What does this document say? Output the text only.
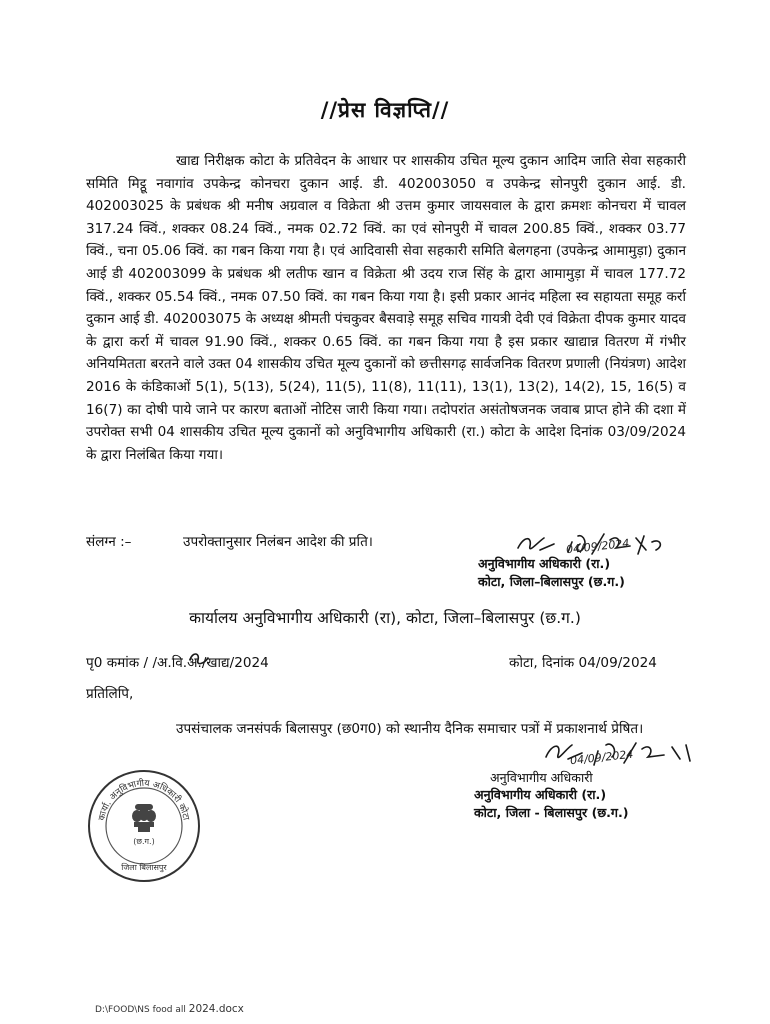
//प्रेस विज्ञप्ति//
खाद्य निरीक्षक कोटा के प्रतिवेदन के आधार पर शासकीय उचित मूल्य दुकान आदिम जाति सेवा सहकारी समिति मिट्ठू नवागांव उपकेन्द्र कोनचरा दुकान आई. डी. 402003050 व उपकेन्द्र सोनपुरी दुकान आई. डी. 402003025 के प्रबंधक श्री मनीष अग्रवाल व विक्रेता श्री उत्तम कुमार जायसवाल के द्वारा क्रमशः कोनचरा में चावल 317.24 क्विं., शक्कर 08.24 क्विं., नमक 02.72 क्विं. का एवं सोनपुरी में चावल 200.85 क्विं., शक्कर 03.77 क्विं., चना 05.06 क्विं. का गबन किया गया है। एवं आदिवासी सेवा सहकारी समिति बेलगहना (उपकेन्द्र आमामुड़ा) दुकान आई डी 402003099 के प्रबंधक श्री लतीफ खान व विक्रेता श्री उदय राज सिंह के द्वारा आमामुड़ा में चावल 177.72 क्विं., शक्कर 05.54 क्विं., नमक 07.50 क्विं. का गबन किया गया है। इसी प्रकार आनंद महिला स्व सहायता समूह कर्रा दुकान आई डी. 402003075 के अध्यक्ष श्रीमती पंचकुवर बैसवाड़े समूह सचिव गायत्री देवी एवं विक्रेता दीपक कुमार यादव के द्वारा कर्रा में चावल 91.90 क्विं., शक्कर 0.65 क्विं. का गबन किया गया है इस प्रकार खाद्यान्न वितरण में गंभीर अनियमितता बरतने वाले उक्त 04 शासकीय उचित मूल्य दुकानों को छत्तीसगढ़ सार्वजनिक वितरण प्रणाली (नियंत्रण) आदेश 2016 के कंडिकाओं 5(1), 5(13), 5(24), 11(5), 11(8), 11(11), 13(1), 13(2), 14(2), 15, 16(5) व 16(7) का दोषी पाये जाने पर कारण बताओं नोटिस जारी किया गया। तदोपरांत असंतोषजनक जवाब प्राप्त होने की दशा में उपरोक्त सभी 04 शासकीय उचित मूल्य दुकानों को अनुविभागीय अधिकारी (रा.) कोटा के आदेश दिनांक 03/09/2024 के द्वारा निलंबित किया गया।
संलग्न :–	उपरोक्तानुसार निलंबन आदेश की प्रति।	04/09/2024
अनुविभागीय अधिकारी (रा.)
कोटा, जिला–बिलासपुर (छ.ग.)
कार्यालय अनुविभागीय अधिकारी (रा), कोटा, जिला–बिलासपुर (छ.ग.)
पृ0 कमांक / /अ.वि.अ./खाद्य/2024	कोटा, दिनांक 04/09/2024
प्रतिलिपि,
उपसंचालक जनसंपर्क बिलासपुर (छ0ग0) को स्थानीय दैनिक समाचार पत्रों में प्रकाशनार्थ प्रेषित।
कार्या. अनुविभागीय अधिकारी कोटा
(छ.ग.)
जिला बिलासपुर
04/09/2024
अनुविभागीय अधिकारी
अनुविभागीय अधिकारी (रा.)
कोटा, जिला - बिलासपुर (छ.ग.)
D:\FOOD\NS food all 2024.docx
